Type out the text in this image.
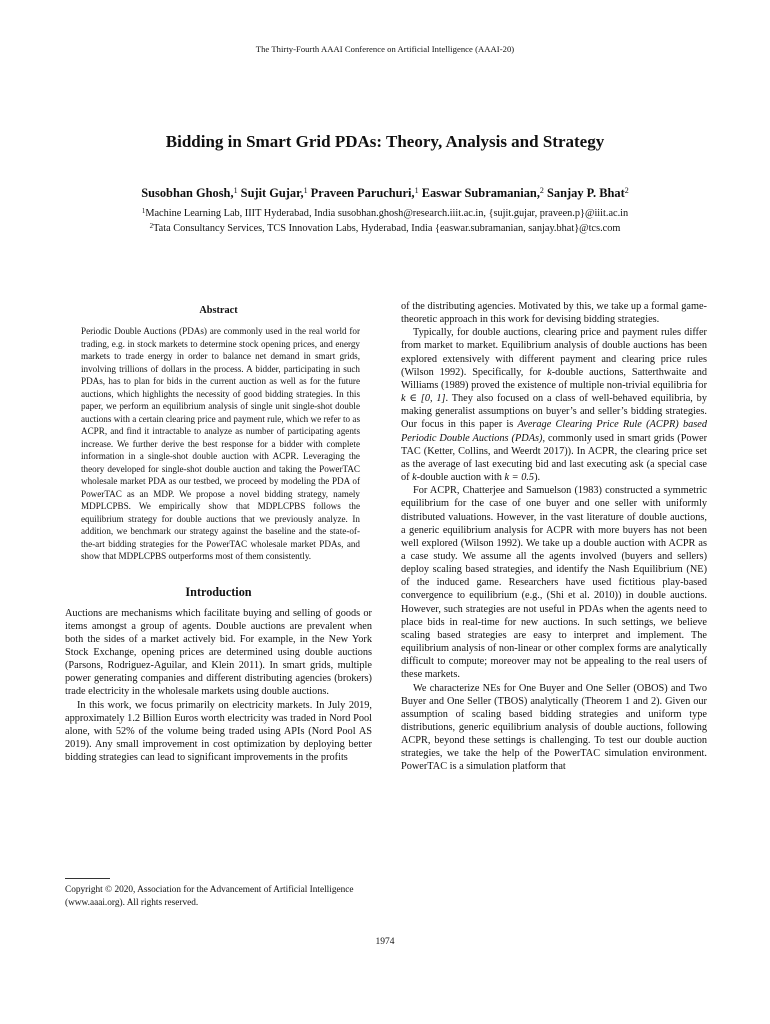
The Thirty-Fourth AAAI Conference on Artificial Intelligence (AAAI-20)
Bidding in Smart Grid PDAs: Theory, Analysis and Strategy
Susobhan Ghosh,$^1$ Sujit Gujar,$^1$ Praveen Paruchuri,$^1$ Easwar Subramanian,$^2$ Sanjay P. Bhat$^2$
$^1$Machine Learning Lab, IIIT Hyderabad, India susobhan.ghosh@research.iiit.ac.in, {sujit.gujar, praveen.p}@iiit.ac.in
$^2$Tata Consultancy Services, TCS Innovation Labs, Hyderabad, India {easwar.subramanian, sanjay.bhat}@tcs.com
Abstract
Periodic Double Auctions (PDAs) are commonly used in the real world for trading, e.g. in stock markets to determine stock opening prices, and energy markets to trade energy in order to balance net demand in smart grids, involving trillions of dollars in the process. A bidder, participating in such PDAs, has to plan for bids in the current auction as well as for the future auctions, which highlights the necessity of good bidding strategies. In this paper, we perform an equilibrium analysis of single unit single-shot double auctions with a certain clearing price and payment rule, which we refer to as ACPR, and find it intractable to analyze as number of participating agents increase. We further derive the best response for a bidder with complete information in a single-shot double auction with ACPR. Leveraging the theory developed for single-shot double auction and taking the PowerTAC wholesale market PDA as our testbed, we proceed by modeling the PDA of PowerTAC as an MDP. We propose a novel bidding strategy, namely MDPLCPBS. We empirically show that MDPLCPBS follows the equilibrium strategy for double auctions that we previously analyze. In addition, we benchmark our strategy against the baseline and the state-of-the-art bidding strategies for the PowerTAC wholesale market PDAs, and show that MDPLCPBS outperforms most of them consistently.
Introduction

Auctions are mechanisms which facilitate buying and selling of goods or items amongst a group of agents. Double auctions are prevalent when both the sides of a market actively bid. For example, in the New York Stock Exchange, opening prices are determined using double auctions (Parsons, Rodriguez-Aguilar, and Klein 2011). In smart grids, multiple power generating companies and different distributing agencies (brokers) trade electricity in the wholesale markets using double auctions.

In this work, we focus primarily on electricity markets. In July 2019, approximately 1.2 Billion Euros worth electricity was traded in Nord Pool alone, with 52% of the volume being traded using APIs (Nord Pool AS 2019). Any small improvement in cost optimization by deploying better bidding strategies can lead to significant improvements in the profits

of the distributing agencies. Motivated by this, we take up a formal game-theoretic approach in this work for devising bidding strategies.

Typically, for double auctions, clearing price and payment rules differ from market to market. Equilibrium analysis of double auctions has been explored extensively with different payment and clearing price rules (Wilson 1992). Specifically, for k-double auctions, Satterthwaite and Williams (1989) proved the existence of multiple non-trivial equilibria for k ∈ [0, 1]. They also focused on a class of well-behaved equilibria, by making generalist assumptions on buyer’s and seller’s bidding strategies. Our focus in this paper is Average Clearing Price Rule (ACPR) based Periodic Double Auctions (PDAs), commonly used in smart grids (Power TAC (Ketter, Collins, and Weerdt 2017)). In ACPR, the clearing price set as the average of last executing bid and last executing ask (a special case of k-double auction with k = 0.5).

For ACPR, Chatterjee and Samuelson (1983) constructed a symmetric equilibrium for the case of one buyer and one seller with uniformly distributed valuations. However, in the vast literature of double auctions, a generic equilibrium analysis for ACPR with more buyers has not been well explored (Wilson 1992). We take up a double auction with ACPR as a case study. We assume all the agents involved (buyers and sellers) deploy scaling based strategies, and identify the Nash Equilibrium (NE) of the induced game. Researchers have used fictitious play-based convergence to equilibrium (e.g., (Shi et al. 2010)) in double auctions. However, such strategies are not useful in PDAs when the agents need to place bids in real-time for new auctions. In such settings, we believe scaling based strategies are easy to interpret and implement. The equilibrium analysis of non-linear or other complex forms are analytically difficult to compute; moreover may not be appealing to the real users of these markets.

We characterize NEs for One Buyer and One Seller (OBOS) and Two Buyer and One Seller (TBOS) analytically (Theorem 1 and 2). Given our assumption of scaling based bidding strategies and uniform type distributions, generic equilibrium analysis of double auctions, following ACPR, beyond these settings is challenging. To test our double auction strategies, we take the help of the PowerTAC simulation environment. PowerTAC is a simulation platform that

Copyright © 2020, Association for the Advancement of Artificial Intelligence (www.aaai.org). All rights reserved.
1974
